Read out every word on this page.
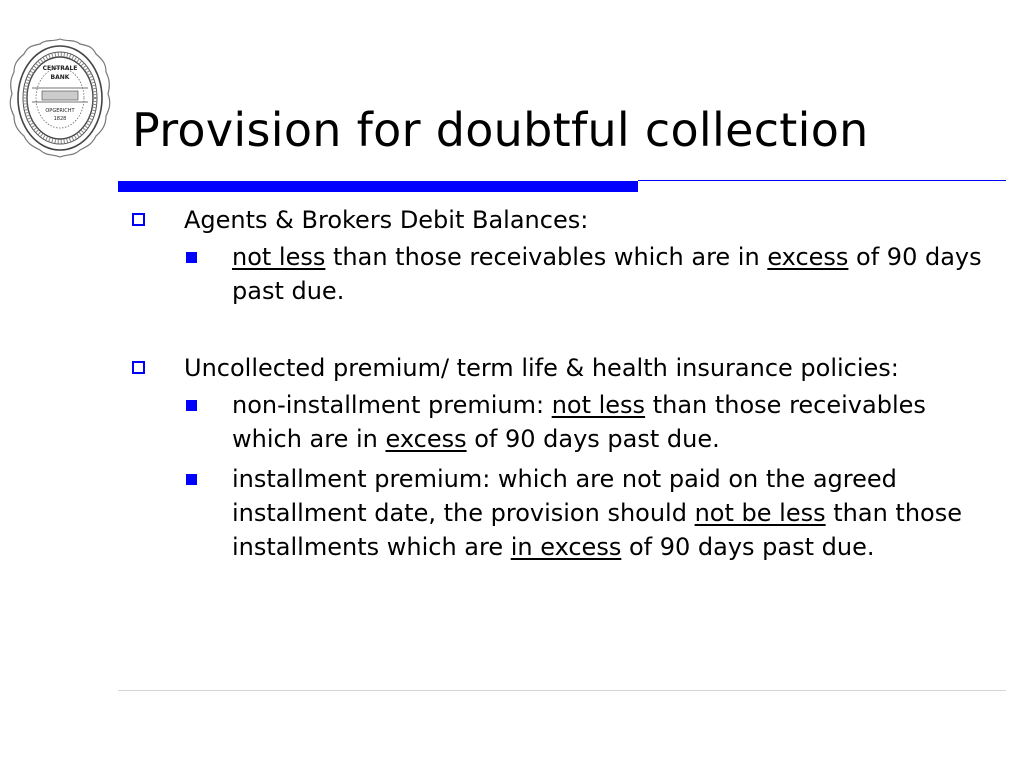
CENTRALE
BANK
OPGERICHT
1828 Provision for doubtful collection
Agents & Brokers Debit Balances:
not less than those receivables which are in excess of 90 days past due.
Uncollected premium/ term life & health insurance policies:
non-installment premium: not less than those receivables which are in excess of 90 days past due.
installment premium: which are not paid on the agreed installment date, the provision should not be less than those installments which are in excess of 90 days past due.
